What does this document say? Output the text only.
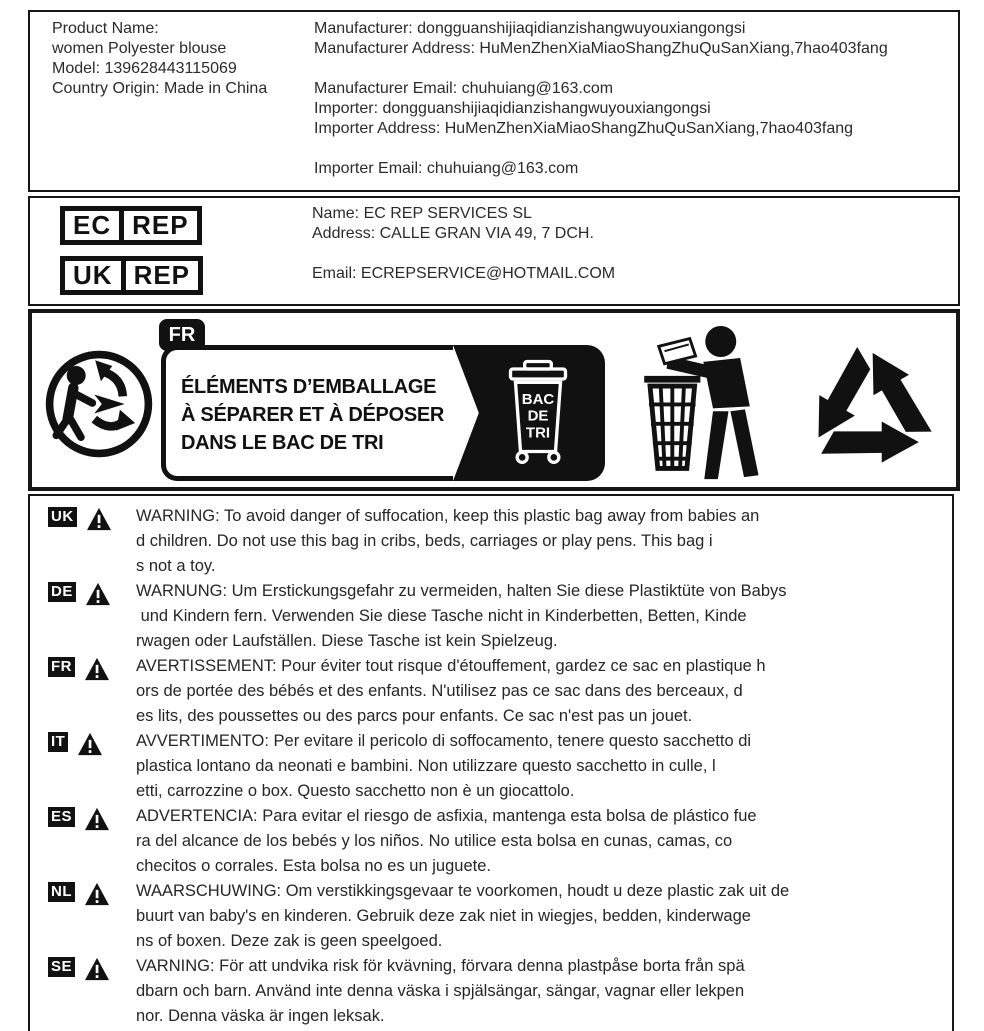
Product Name:
women Polyester blouse
Model: 139628443115069
Country Origin: Made in China
Manufacturer: dongguanshijiaqidianzishangwuyouxiangongsi
Manufacturer Address: HuMenZhenXiaMiaoShangZhuQuSanXiang,7hao403fang
Manufacturer Email: chuhuiang@163.com
Importer: dongguanshijiaqidianzishangwuyouxiangongsi
Importer Address: HuMenZhenXiaMiaoShangZhuQuSanXiang,7hao403fang
Importer Email: chuhuiang@163.com
EC REP

UK REP
Name: EC REP SERVICES SL
Address: CALLE GRAN VIA 49, 7 DCH.
Email: ECREPSERVICE@HOTMAIL.COM
FR
ÉLÉMENTS D’EMBALLAGE
À SÉPARER ET À DÉPOSER
DANS LE BAC DE TRI
BAC
DE
TRI
UK	WARNING: To avoid danger of suffocation, keep this plastic bag away from babies an
d children. Do not use this bag in cribs, beds, carriages or play pens. This bag i
s not a toy.
DE	WARNUNG: Um Erstickungsgefahr zu vermeiden, halten Sie diese Plastiktüte von Babys
und Kindern fern. Verwenden Sie diese Tasche nicht in Kinderbetten, Betten, Kinde
rwagen oder Laufställen. Diese Tasche ist kein Spielzeug.
FR	AVERTISSEMENT: Pour éviter tout risque d'étouffement, gardez ce sac en plastique h
ors de portée des bébés et des enfants. N'utilisez pas ce sac dans des berceaux, d
es lits, des poussettes ou des parcs pour enfants. Ce sac n'est pas un jouet.
IT	AVVERTIMENTO: Per evitare il pericolo di soffocamento, tenere questo sacchetto di
plastica lontano da neonati e bambini. Non utilizzare questo sacchetto in culle, l
etti, carrozzine o box. Questo sacchetto non è un giocattolo.
ES	ADVERTENCIA: Para evitar el riesgo de asfixia, mantenga esta bolsa de plástico fue
ra del alcance de los bebés y los niños. No utilice esta bolsa en cunas, camas, co
checitos o corrales. Esta bolsa no es un juguete.
NL	WAARSCHUWING: Om verstikkingsgevaar te voorkomen, houdt u deze plastic zak uit de
buurt van baby's en kinderen. Gebruik deze zak niet in wiegjes, bedden, kinderwage
ns of boxen. Deze zak is geen speelgoed.
SE	VARNING: För att undvika risk för kvävning, förvara denna plastpåse borta från spä
dbarn och barn. Använd inte denna väska i spjälsängar, sängar, vagnar eller lekpen
nor. Denna väska är ingen leksak.
